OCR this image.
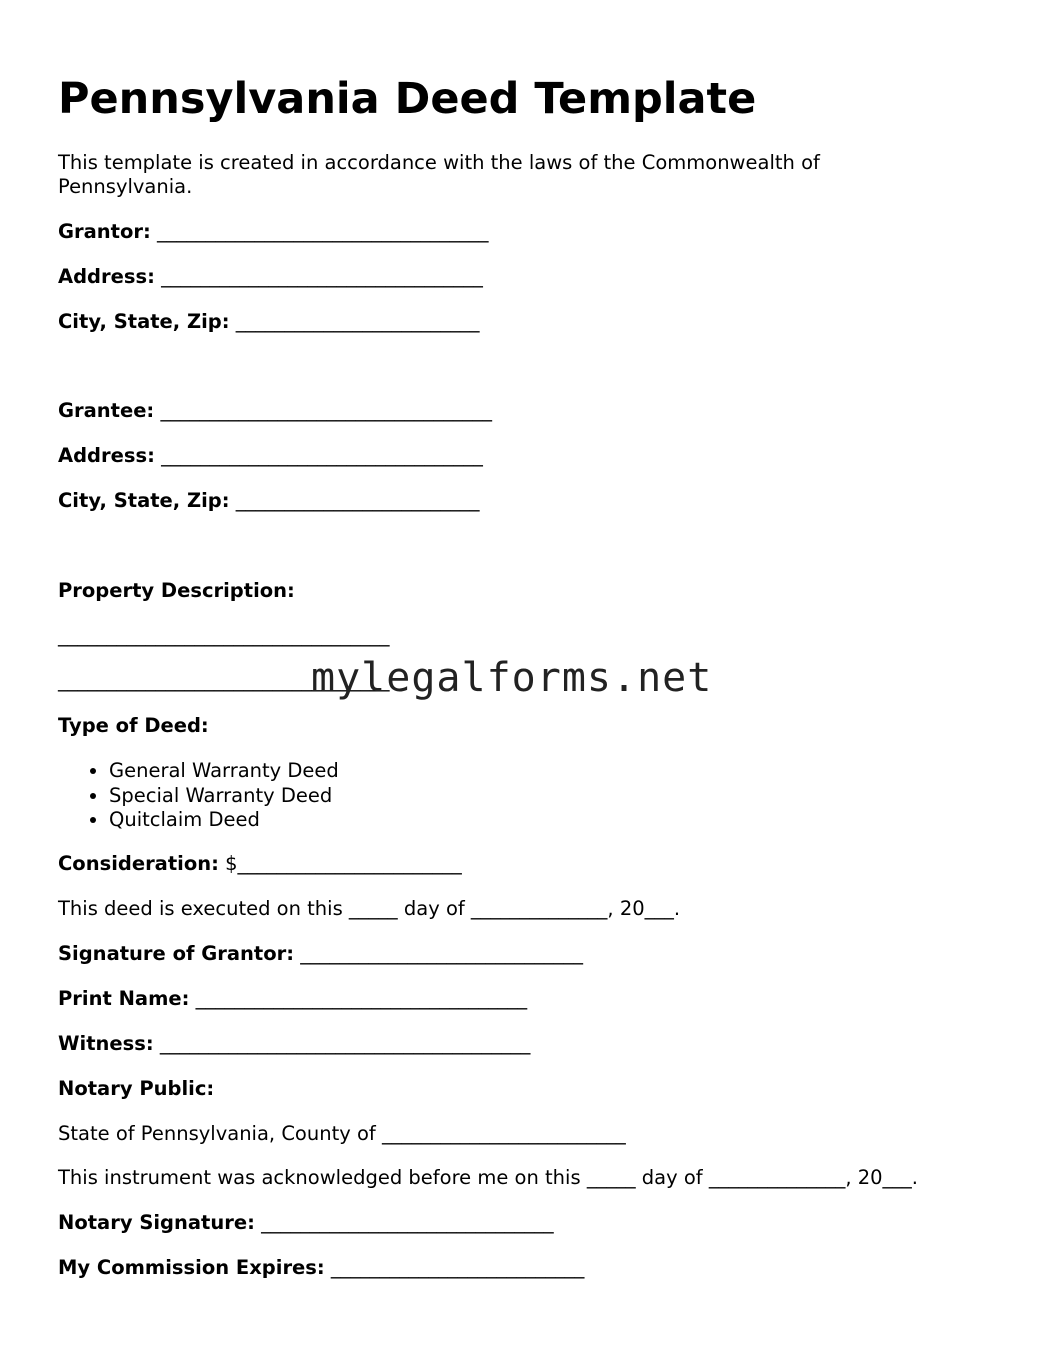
Pennsylvania Deed Template
This template is created in accordance with the laws of the Commonwealth of Pennsylvania.
Grantor: __________________________________
Address: _________________________________
City, State, Zip: _________________________
Grantee: __________________________________
Address: _________________________________
City, State, Zip: _________________________
Property Description:
__________________________________
__________________________________
Type of Deed:
• General Warranty Deed
• Special Warranty Deed
• Quitclaim Deed
Consideration: $_______________________
This deed is executed on this _____ day of ______________, 20___.
Signature of Grantor: _____________________________
Print Name: __________________________________
Witness: ______________________________________
Notary Public:
State of Pennsylvania, County of _________________________
This instrument was acknowledged before me on this _____ day of ______________, 20___.
Notary Signature: ______________________________
My Commission Expires: __________________________
mylegalforms.net
